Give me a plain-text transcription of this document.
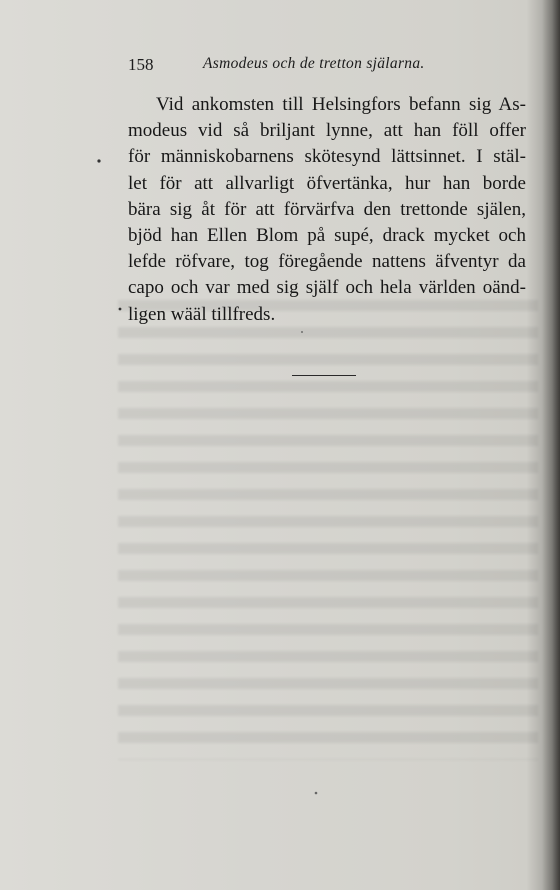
158	Asmodeus och de tretton själarna.
Vid ankomsten till Helsingfors befann sig As-
modeus vid så briljant lynne, att han föll offer
för människobarnens skötesynd lättsinnet. I stäl-
let för att allvarligt öfvertänka, hur han borde
bära sig åt för att förvärfva den trettonde själen,
bjöd han Ellen Blom på supé, drack mycket och
lefde röfvare, tog föregående nattens äfventyr da
capo och var med sig själf och hela världen oänd-
ligen wääl tillfreds.
